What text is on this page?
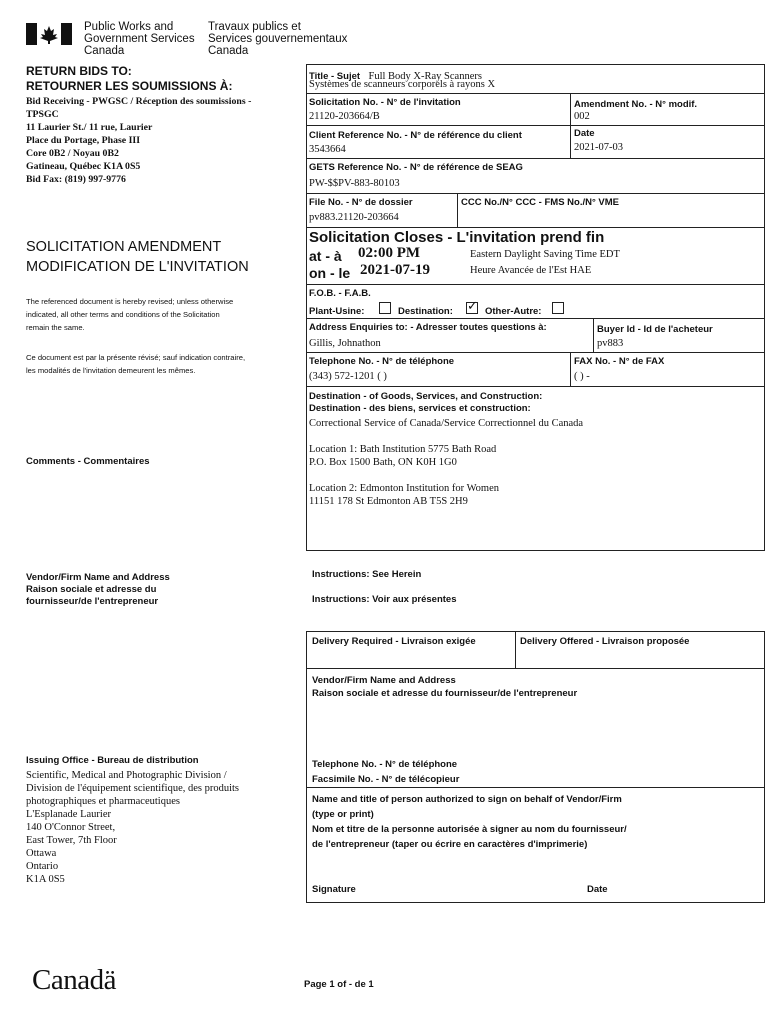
Public Works and
Government Services
Canada
Travaux publics et
Services gouvernementaux
Canada
RETURN BIDS TO:
RETOURNER LES SOUMISSIONS À:
Bid Receiving - PWGSC / Réception des soumissions -
TPSGC
11 Laurier St./ 11 rue, Laurier
Place du Portage, Phase III
Core 0B2 / Noyau 0B2
Gatineau, Québec K1A 0S5
Bid Fax: (819) 997-9776
SOLICITATION AMENDMENT
MODIFICATION DE L'INVITATION
The referenced document is hereby revised; unless otherwise
indicated, all other terms and conditions of the Solicitation
remain the same.
Ce document est par la présente révisé; sauf indication contraire,
les modalités de l'invitation demeurent les mêmes.
Comments - Commentaires
Vendor/Firm Name and Address
Raison sociale et adresse du
fournisseur/de l'entrepreneur
Issuing Office - Bureau de distribution
Scientific, Medical and Photographic Division /
Division de l'équipement scientifique, des produits
photographiques et pharmaceutiques
L'Esplanade Laurier
140 O'Connor Street,
East Tower, 7th Floor
Ottawa
Ontario
K1A 0S5
Title - Sujet Full Body X-Ray Scanners
Systèmes de scanneurs corporels à rayons X
Solicitation No. - N° de l'invitation
21120-203664/B
Amendment No. - N° modif.
002
Client Reference No. - N° de référence du client
3543664
Date
2021-07-03
GETS Reference No. - N° de référence de SEAG
PW-$$PV-883-80103
File No. - N° de dossier
pv883.21120-203664
CCC No./N° CCC - FMS No./N° VME
Solicitation Closes - L'invitation prend fin
at - à 02:00 PM
on - le 2021-07-19
Eastern Daylight Saving Time EDT
Heure Avancée de l'Est HAE
F.O.B. - F.A.B.
Plant-Usine:	Destination: ✓ Other-Autre:
Address Enquiries to: - Adresser toutes questions à:
Gillis, Johnathon
Buyer Id - Id de l'acheteur
pv883
Telephone No. - N° de téléphone
(343) 572-1201 ( )
FAX No. - N° de FAX
( ) -
Destination - of Goods, Services, and Construction:
Destination - des biens, services et construction:
Correctional Service of Canada/Service Correctionnel du Canada
Location 1: Bath Institution 5775 Bath Road
P.O. Box 1500 Bath, ON K0H 1G0
Location 2: Edmonton Institution for Women
11151 178 St Edmonton AB T5S 2H9
Instructions: See Herein
Instructions: Voir aux présentes
Delivery Required - Livraison exigée	Delivery Offered - Livraison proposée
Vendor/Firm Name and Address
Raison sociale et adresse du fournisseur/de l'entrepreneur
Telephone No. - N° de téléphone
Facsimile No. - N° de télécopieur
Name and title of person authorized to sign on behalf of Vendor/Firm
(type or print)
Nom et titre de la personne autorisée à signer au nom du fournisseur/
de l'entrepreneur (taper ou écrire en caractères d'imprimerie)
Signature	Date
Canadä	Page 1 of - de 1
